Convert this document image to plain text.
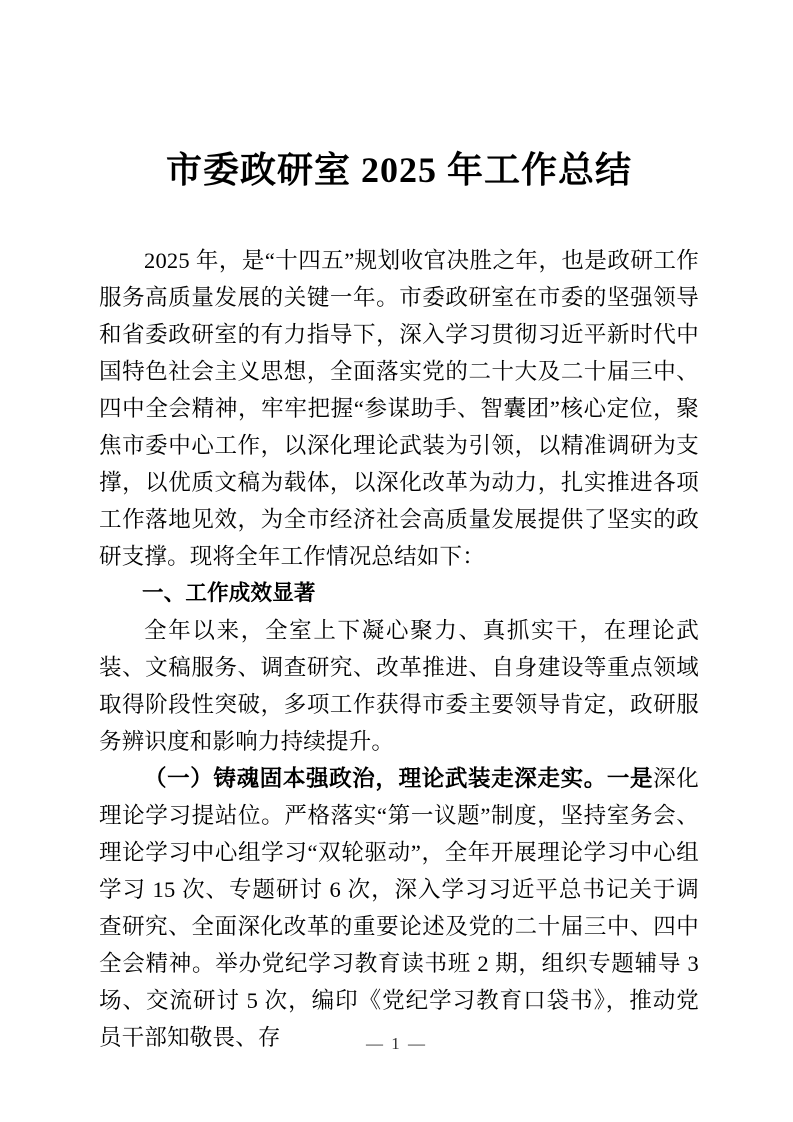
市委政研室 2025 年工作总结

2025 年，是“十四五”规划收官决胜之年，也是政研工作服务高质量发展的关键一年。市委政研室在市委的坚强领导和省委政研室的有力指导下，深入学习贯彻习近平新时代中国特色社会主义思想，全面落实党的二十大及二十届三中、四中全会精神，牢牢把握“参谋助手、智囊团”核心定位，聚焦市委中心工作，以深化理论武装为引领，以精准调研为支撑，以优质文稿为载体，以深化改革为动力，扎实推进各项工作落地见效，为全市经济社会高质量发展提供了坚实的政研支撑。现将全年工作情况总结如下：

一、工作成效显著

全年以来，全室上下凝心聚力、真抓实干，在理论武装、文稿服务、调查研究、改革推进、自身建设等重点领域取得阶段性突破，多项工作获得市委主要领导肯定，政研服务辨识度和影响力持续提升。

（一）铸魂固本强政治，理论武装走深走实。一是深化理论学习提站位。严格落实“第一议题”制度，坚持室务会、理论学习中心组学习“双轮驱动”，全年开展理论学习中心组学习 15 次、专题研讨 6 次，深入学习习近平总书记关于调查研究、全面深化改革的重要论述及党的二十届三中、四中全会精神。举办党纪学习教育读书班 2 期，组织专题辅导 3 场、交流研讨 5 次，编印《党纪学习教育口袋书》，推动党员干部知敬畏、存	— 1 —
